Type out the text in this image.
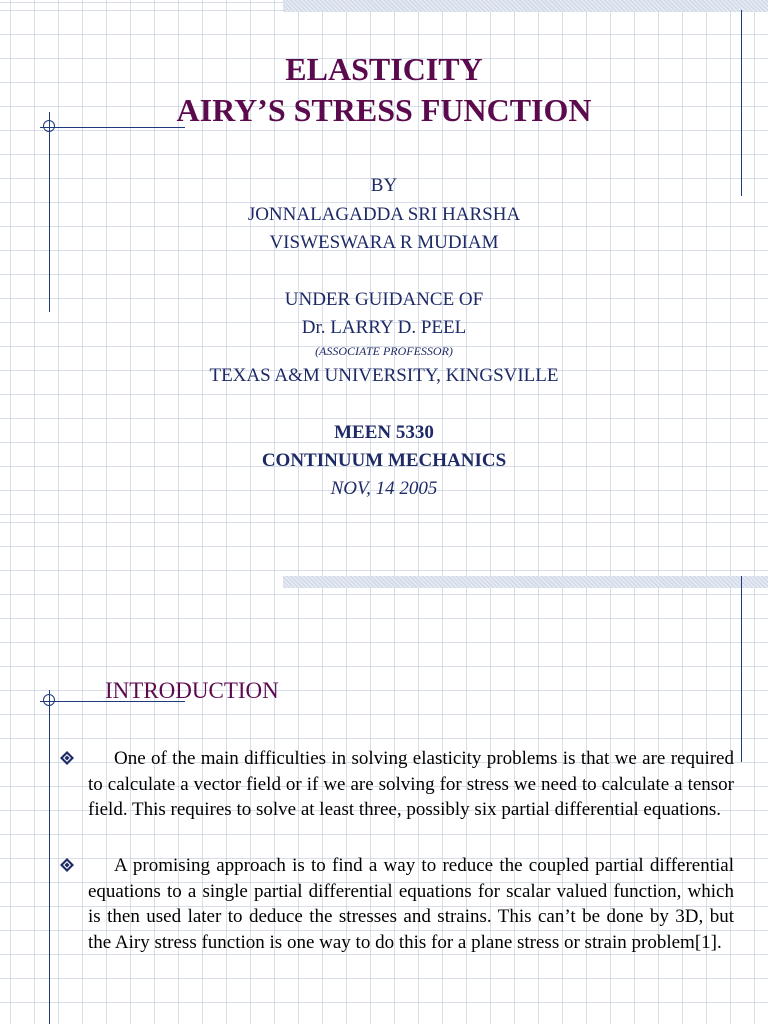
ELASTICITY
AIRY’S STRESS FUNCTION
BY
JONNALAGADDA SRI HARSHA
VISWESWARA R MUDIAM
UNDER GUIDANCE OF
Dr. LARRY D. PEEL
(ASSOCIATE PROFESSOR)
TEXAS A&M UNIVERSITY, KINGSVILLE
MEEN 5330
CONTINUUM MECHANICS
NOV, 14 2005
INTRODUCTION
One of the main difficulties in solving elasticity problems is that we are required to calculate a vector field or if we are solving for stress we need to calculate a tensor field. This requires to solve at least three, possibly six partial differential equations.
A promising approach is to find a way to reduce the coupled partial differential equations to a single partial differential equations for scalar valued function, which is then used later to deduce the stresses and strains. This can’t be done by 3D, but the Airy stress function is one way to do this for a plane stress or strain problem[1].
